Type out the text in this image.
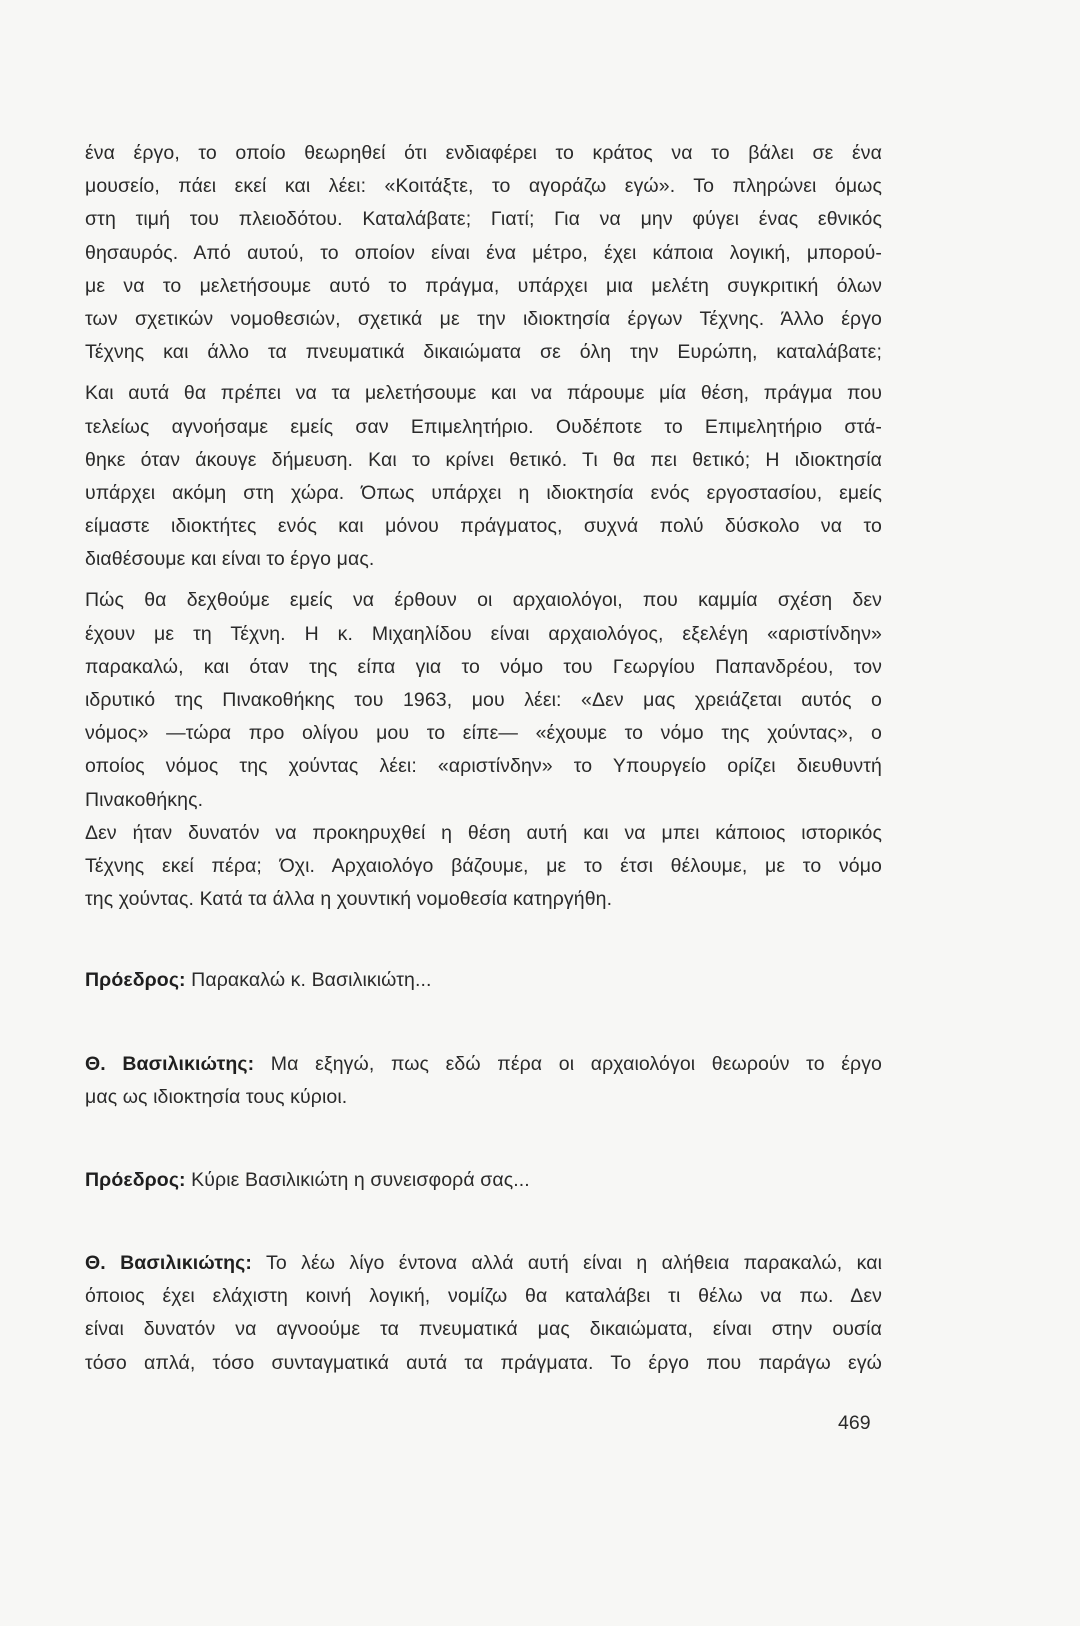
ένα έργο, το οποίο θεωρηθεί ότι ενδιαφέρει το κράτος να το βάλει σε ένα
μουσείο, πάει εκεί και λέει: «Κοιτάξτε, το αγοράζω εγώ». Το πληρώνει όμως
στη τιμή του πλειοδότου. Καταλάβατε; Γιατί; Για να μην φύγει ένας εθνικός
θησαυρός. Από αυτού, το οποίον είναι ένα μέτρο, έχει κάποια λογική, μπορού-
με να το μελετήσουμε αυτό το πράγμα, υπάρχει μια μελέτη συγκριτική όλων
των σχετικών νομοθεσιών, σχετικά με την ιδιοκτησία έργων Τέχνης. Άλλο έργο
Τέχνης και άλλο τα πνευματικά δικαιώματα σε όλη την Ευρώπη, καταλάβατε;
Και αυτά θα πρέπει να τα μελετήσουμε και να πάρουμε μία θέση, πράγμα που
τελείως αγνοήσαμε εμείς σαν Επιμελητήριο. Ουδέποτε το Επιμελητήριο στά-
θηκε όταν άκουγε δήμευση. Και το κρίνει θετικό. Τι θα πει θετικό; Η ιδιοκτησία
υπάρχει ακόμη στη χώρα. Όπως υπάρχει η ιδιοκτησία ενός εργοστασίου, εμείς
είμαστε ιδιοκτήτες ενός και μόνου πράγματος, συχνά πολύ δύσκολο να το
διαθέσουμε και είναι το έργο μας.
Πώς θα δεχθούμε εμείς να έρθουν οι αρχαιολόγοι, που καμμία σχέση δεν
έχουν με τη Τέχνη. Η κ. Μιχαηλίδου είναι αρχαιολόγος, εξελέγη «αριστίνδην»
παρακαλώ, και όταν της είπα για το νόμο του Γεωργίου Παπανδρέου, τον
ιδρυτικό της Πινακοθήκης του 1963, μου λέει: «Δεν μας χρειάζεται αυτός ο
νόμος» —τώρα προ ολίγου μου το είπε— «έχουμε το νόμο της χούντας», ο
οποίος νόμος της χούντας λέει: «αριστίνδην» το Υπουργείο ορίζει διευθυντή
Πινακοθήκης.
Δεν ήταν δυνατόν να προκηρυχθεί η θέση αυτή και να μπει κάποιος ιστορικός
Τέχνης εκεί πέρα; Όχι. Αρχαιολόγο βάζουμε, με το έτσι θέλουμε, με το νόμο
της χούντας. Κατά τα άλλα η χουντική νομοθεσία κατηργήθη.
Πρόεδρος: Παρακαλώ κ. Βασιλικιώτη...
Θ. Βασιλικιώτης: Μα εξηγώ, πως εδώ πέρα οι αρχαιολόγοι θεωρούν το έργο
μας ως ιδιοκτησία τους κύριοι.
Πρόεδρος: Κύριε Βασιλικιώτη η συνεισφορά σας...
Θ. Βασιλικιώτης: Το λέω λίγο έντονα αλλά αυτή είναι η αλήθεια παρακαλώ, και
όποιος έχει ελάχιστη κοινή λογική, νομίζω θα καταλάβει τι θέλω να πω. Δεν
είναι δυνατόν να αγνοούμε τα πνευματικά μας δικαιώματα, είναι στην ουσία
τόσο απλά, τόσο συνταγματικά αυτά τα πράγματα. Το έργο που παράγω εγώ
469
